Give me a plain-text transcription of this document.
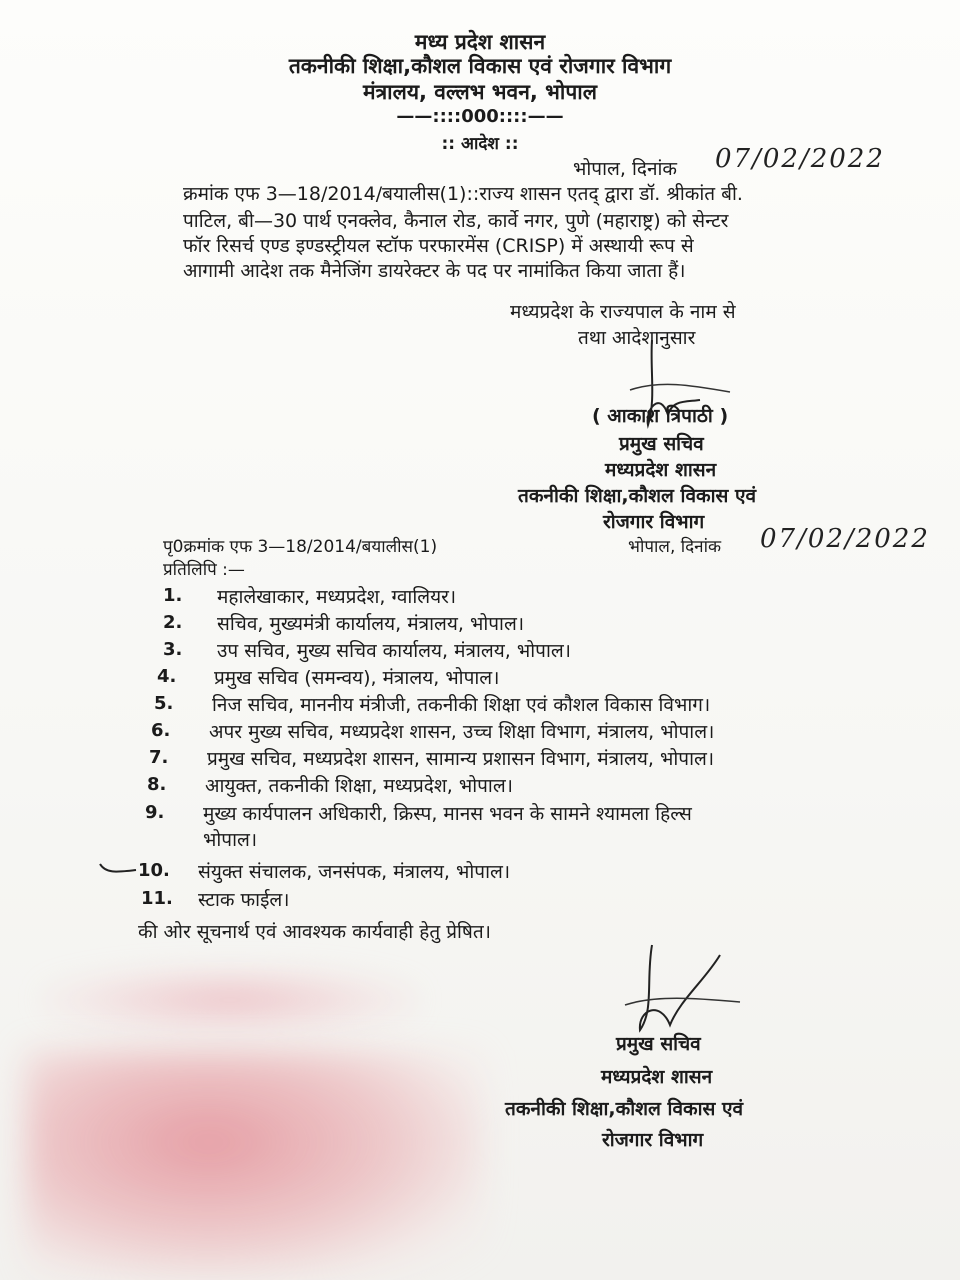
मध्य प्रदेश शासन
तकनीकी शिक्षा,कौशल विकास एवं रोजगार विभाग
मंत्रालय, वल्लभ भवन, भोपाल
——::::000::::——
:: आदेश ::
भोपाल, दिनांक 07/02/2022
क्रमांक एफ 3—18/2014/बयालीस(1)::राज्य शासन एतद् द्वारा डॉ. श्रीकांत बी.
पाटिल, बी—30 पार्थ एनक्लेव, कैनाल रोड, कार्वे नगर, पुणे (महाराष्ट्र) को सेन्टर
फॉर रिसर्च एण्ड इण्डस्ट्रीयल स्टॉफ परफारमेंस (CRISP) में अस्थायी रूप से
आगामी आदेश तक मैनेजिंग डायरेक्टर के पद पर नामांकित किया जाता हैं।
मध्यप्रदेश के राज्यपाल के नाम से
तथा आदेशानुसार
( आकाश त्रिपाठी )
प्रमुख सचिव
मध्यप्रदेश शासन
तकनीकी शिक्षा,कौशल विकास एवं
रोजगार विभाग
पृ0क्रमांक एफ 3—18/2014/बयालीस(1)	भोपाल, दिनांक 07/02/2022
प्रतिलिपि :—
1. महालेखाकार, मध्यप्रदेश, ग्वालियर।
2. सचिव, मुख्यमंत्री कार्यालय, मंत्रालय, भोपाल।
3. उप सचिव, मुख्य सचिव कार्यालय, मंत्रालय, भोपाल।
4. प्रमुख सचिव (समन्वय), मंत्रालय, भोपाल।
5. निज सचिव, माननीय मंत्रीजी, तकनीकी शिक्षा एवं कौशल विकास विभाग।
6. अपर मुख्य सचिव, मध्यप्रदेश शासन, उच्च शिक्षा विभाग, मंत्रालय, भोपाल।
7. प्रमुख सचिव, मध्यप्रदेश शासन, सामान्य प्रशासन विभाग, मंत्रालय, भोपाल।
8. आयुक्त, तकनीकी शिक्षा, मध्यप्रदेश, भोपाल।
9. मुख्य कार्यपालन अधिकारी, क्रिस्प, मानस भवन के सामने श्यामला हिल्स
भोपाल।
10. संयुक्त संचालक, जनसंपक, मंत्रालय, भोपाल।
11. स्टाक फाईल।
की ओर सूचनार्थ एवं आवश्यक कार्यवाही हेतु प्रेषित।
प्रमुख सचिव
मध्यप्रदेश शासन
तकनीकी शिक्षा,कौशल विकास एवं
रोजगार विभाग
